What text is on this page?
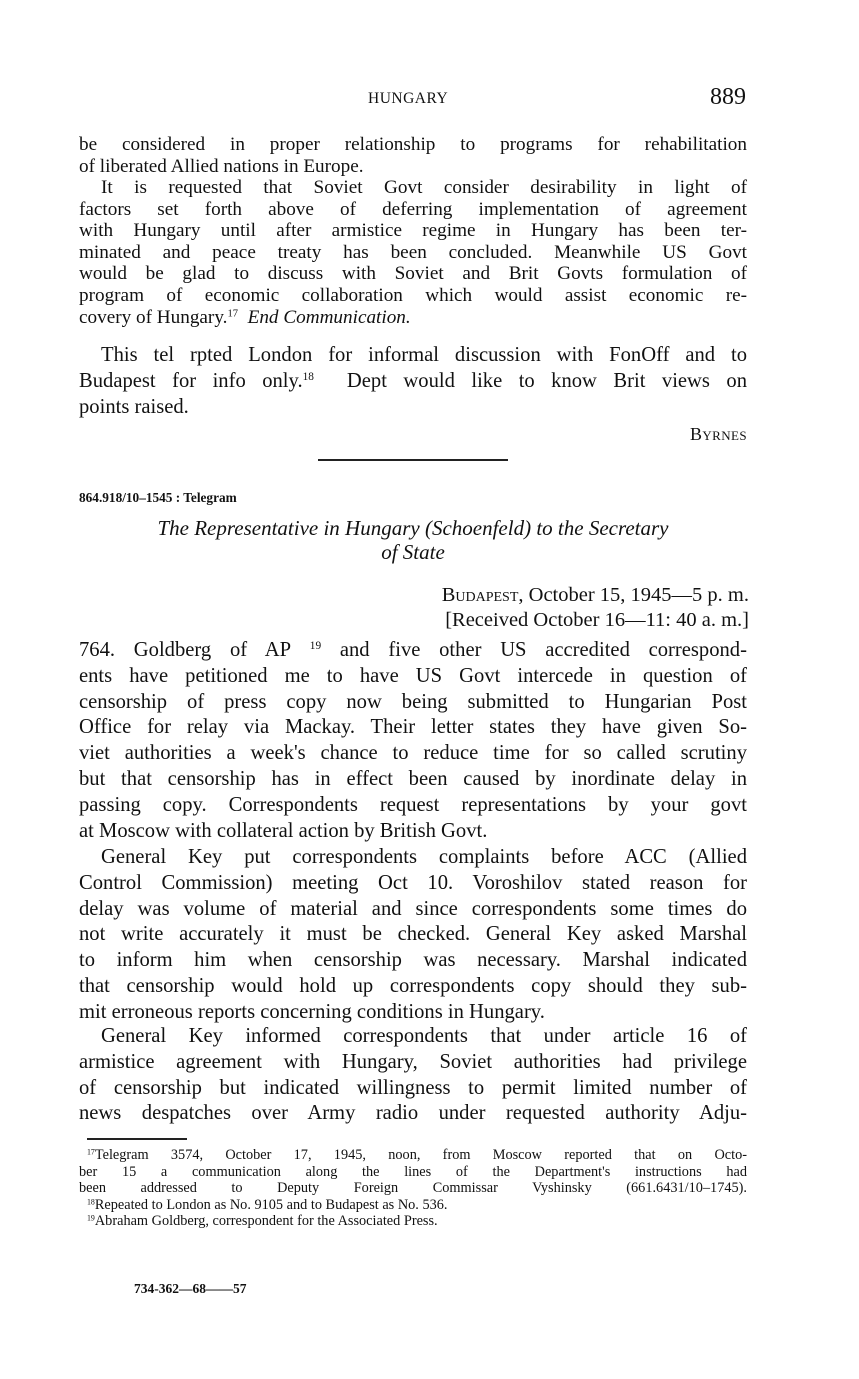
HUNGARY	889
be considered in proper relationship to programs for rehabilitation
of liberated Allied nations in Europe.
It is requested that Soviet Govt consider desirability in light of
factors set forth above of deferring implementation of agreement
with Hungary until after armistice regime in Hungary has been ter-
minated and peace treaty has been concluded. Meanwhile US Govt
would be glad to discuss with Soviet and Brit Govts formulation of
program of economic collaboration which would assist economic re-
covery of Hungary.$^{17}$ End Communication.
This tel rpted London for informal discussion with FonOff and to
Budapest for info only.$^{18}$ Dept would like to know Brit views on
points raised.
Byrnes
864.918/10–1545 : Telegram
The Representative in Hungary (Schoenfeld) to the Secretary
of State
Budapest, October 15, 1945—5 p. m.
[Received October 16—11: 40 a. m.]
764. Goldberg of AP $^{19}$ and five other US accredited correspond-
ents have petitioned me to have US Govt intercede in question of
censorship of press copy now being submitted to Hungarian Post
Office for relay via Mackay. Their letter states they have given So-
viet authorities a week's chance to reduce time for so called scrutiny
but that censorship has in effect been caused by inordinate delay in
passing copy. Correspondents request representations by your govt
at Moscow with collateral action by British Govt.
General Key put correspondents complaints before ACC (Allied
Control Commission) meeting Oct 10. Voroshilov stated reason for
delay was volume of material and since correspondents some times do
not write accurately it must be checked. General Key asked Marshal
to inform him when censorship was necessary. Marshal indicated
that censorship would hold up correspondents copy should they sub-
mit erroneous reports concerning conditions in Hungary.
General Key informed correspondents that under article 16 of
armistice agreement with Hungary, Soviet authorities had privilege
of censorship but indicated willingness to permit limited number of
news despatches over Army radio under requested authority Adju-
$^{17}$Telegram 3574, October 17, 1945, noon, from Moscow reported that on Octo-
ber 15 a communication along the lines of the Department's instructions had
been addressed to Deputy Foreign Commissar Vyshinsky (661.6431/10–1745).
$^{18}$Repeated to London as No. 9105 and to Budapest as No. 536.
$^{19}$Abraham Goldberg, correspondent for the Associated Press.
734-362—68——57
